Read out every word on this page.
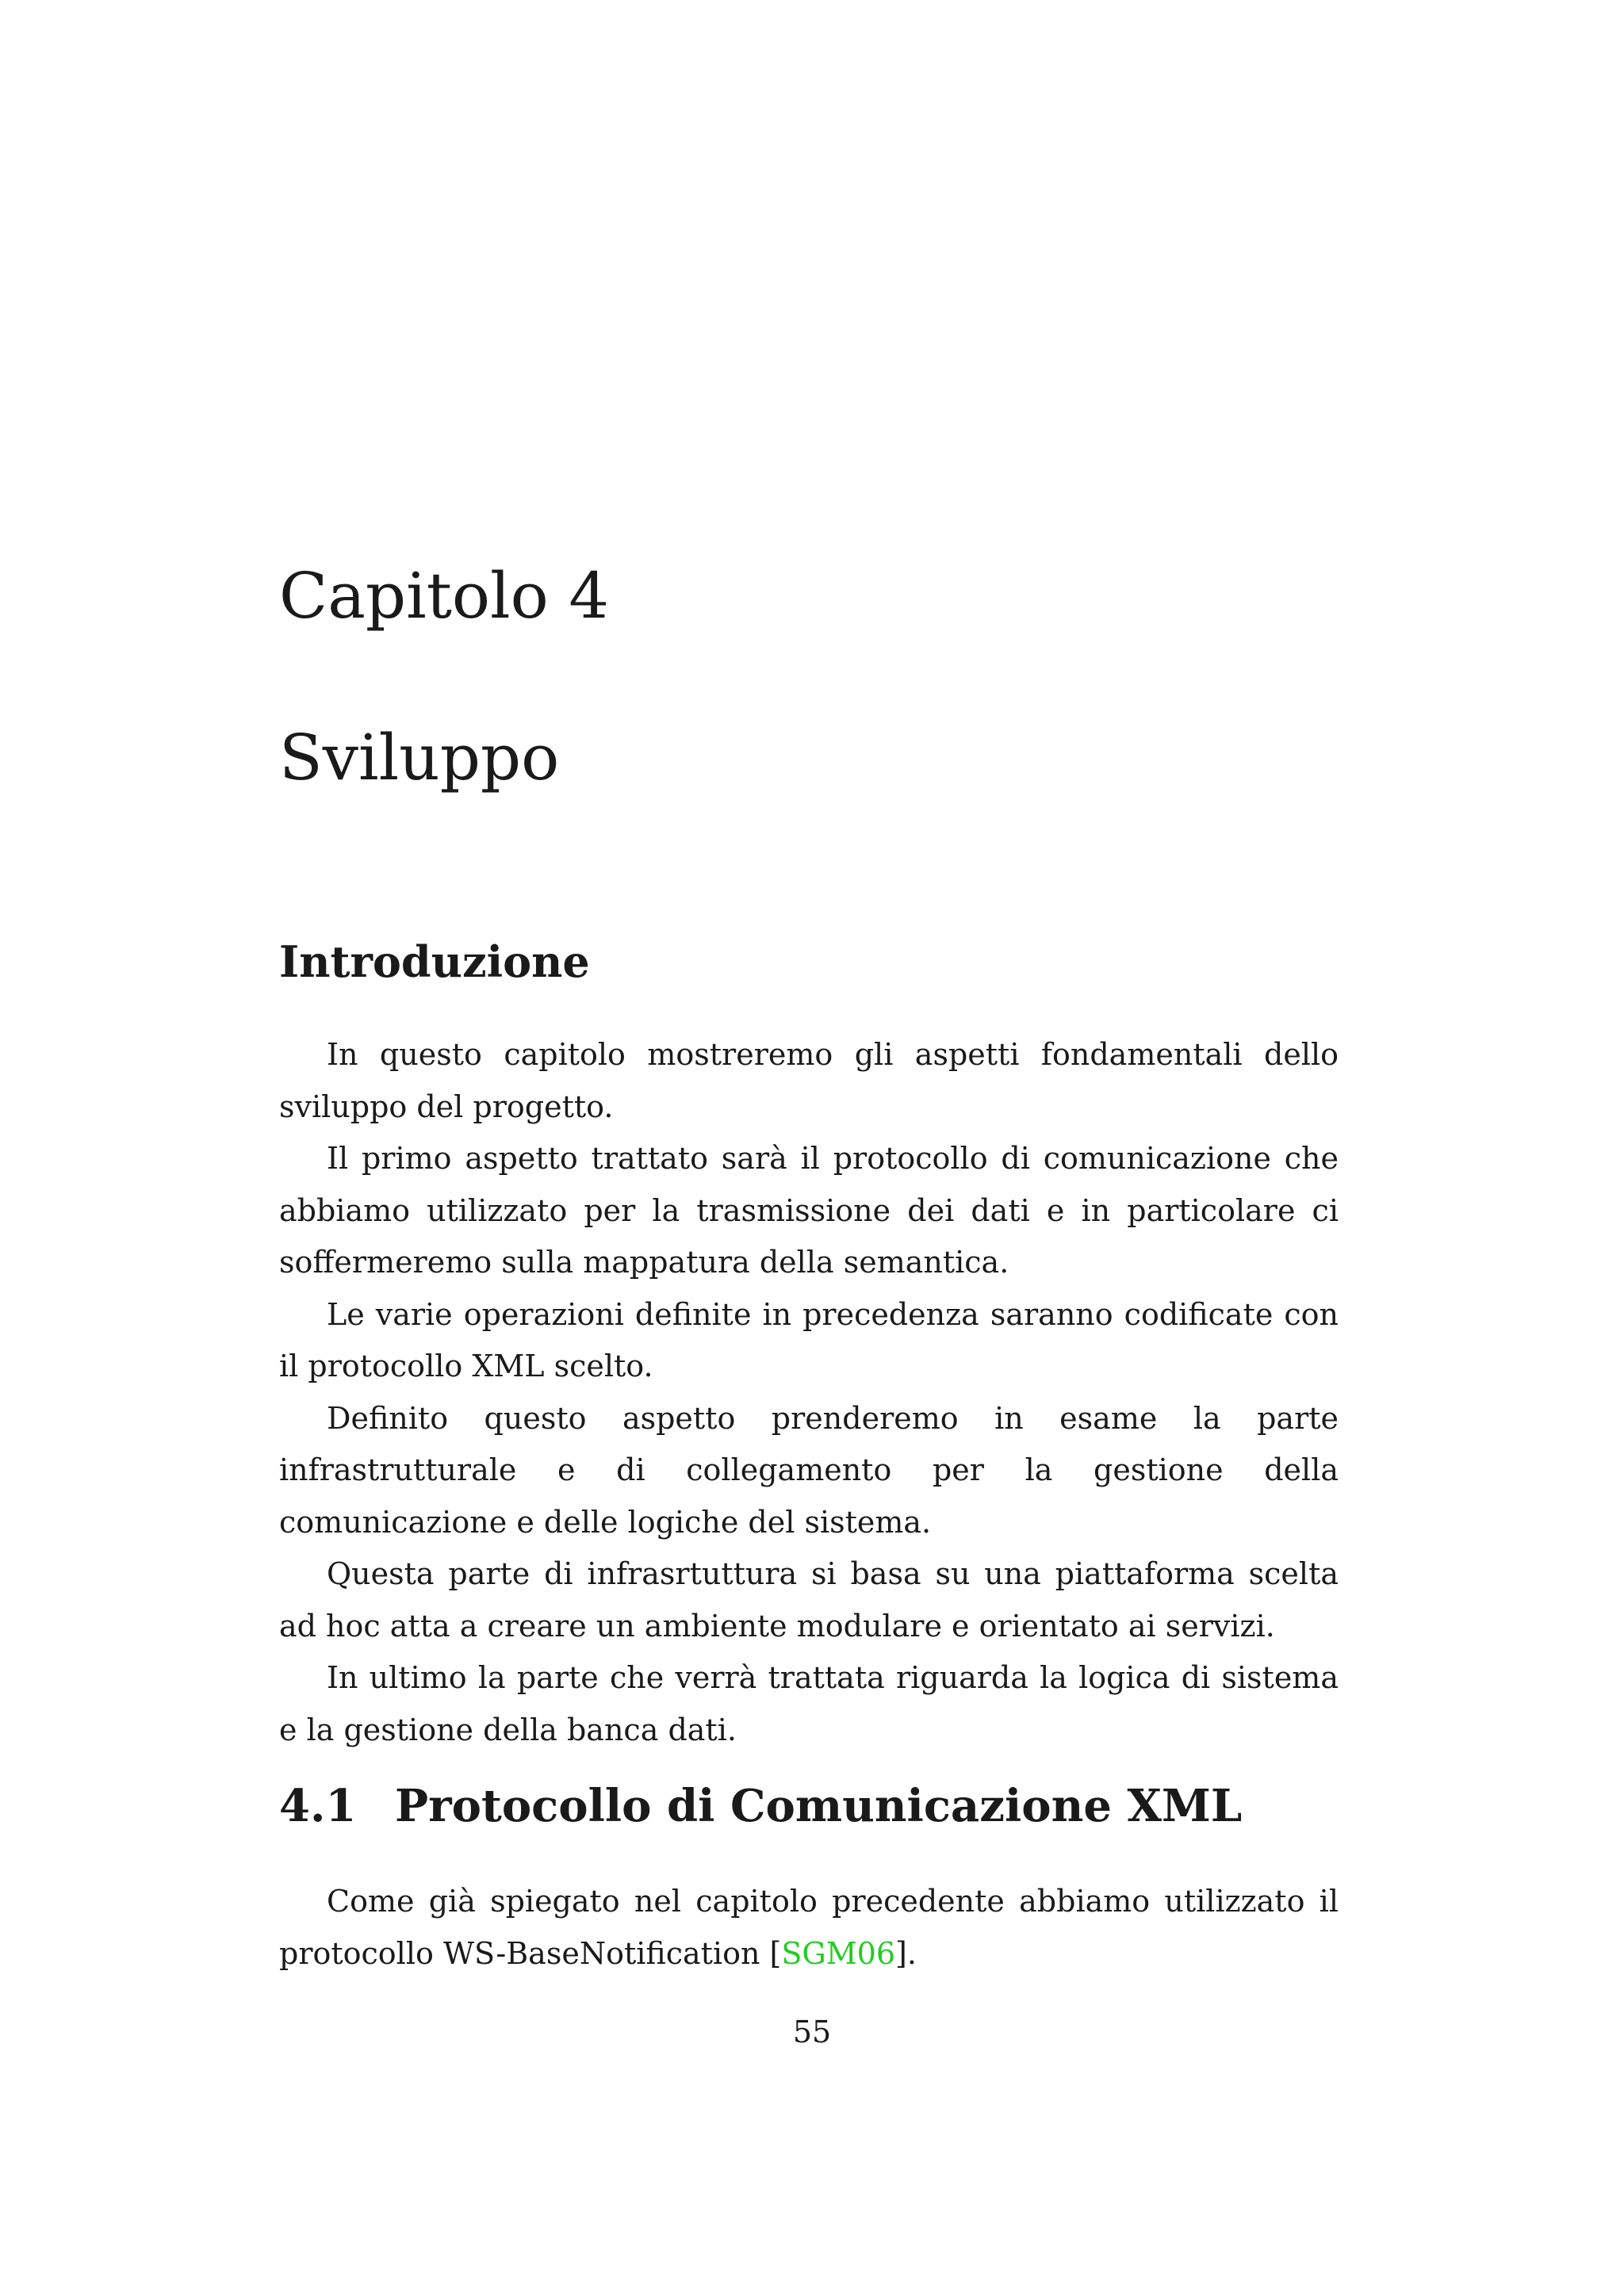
Capitolo 4
Sviluppo
Introduzione

In questo capitolo mostreremo gli aspetti fondamentali dello sviluppo del progetto.

Il primo aspetto trattato sarà il protocollo di comunicazione che abbiamo utilizzato per la trasmissione dei dati e in particolare ci soffermeremo sulla mappatura della semantica.

Le varie operazioni definite in precedenza saranno codificate con il protocollo XML scelto.

Definito questo aspetto prenderemo in esame la parte infrastrutturale e di collegamento per la gestione della comunicazione e delle logiche del sistema.

Questa parte di infrasrtuttura si basa su una piattaforma scelta ad hoc atta a creare un ambiente modulare e orientato ai servizi.

In ultimo la parte che verrà trattata riguarda la logica di sistema e la gestione della banca dati.

4.1 Protocollo di Comunicazione XML

Come già spiegato nel capitolo precedente abbiamo utilizzato il protocollo WS-BaseNotification [SGM06].

55
